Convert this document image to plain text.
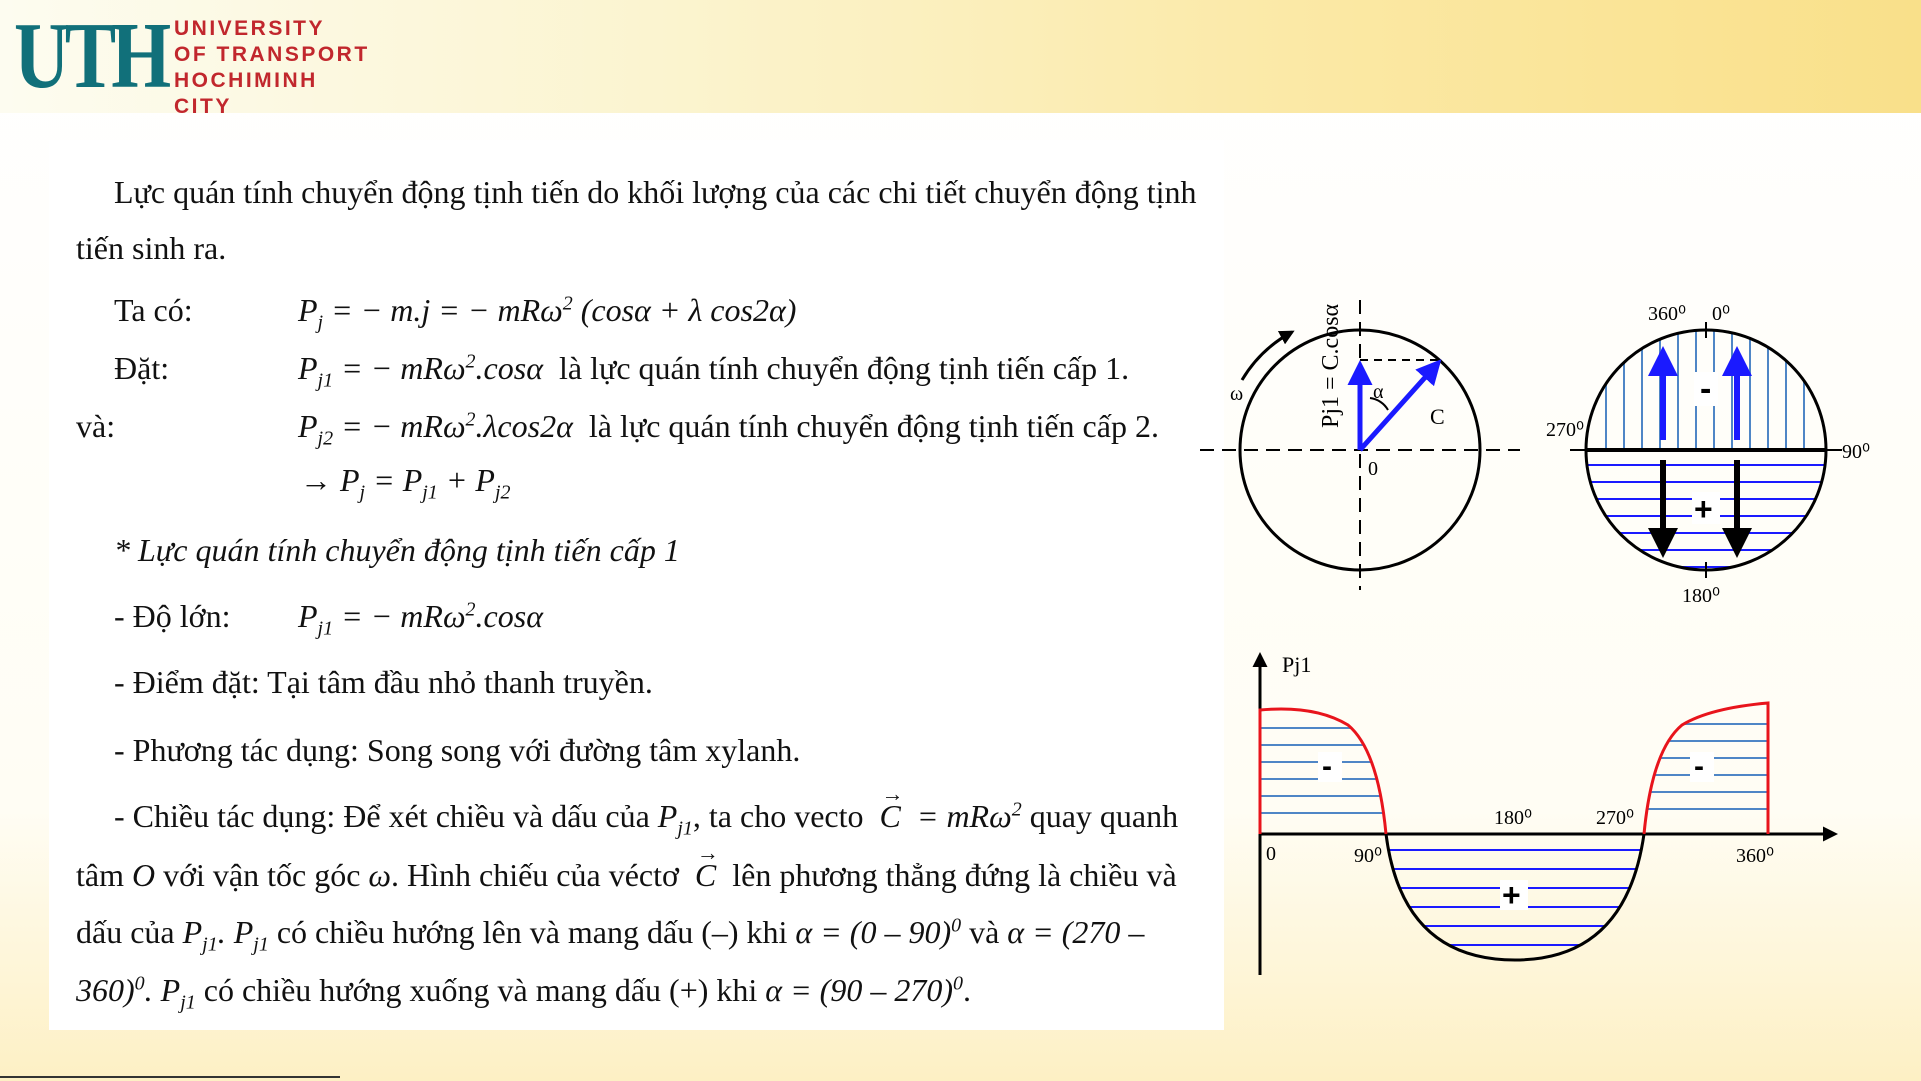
UTH UNIVERSITY
OF TRANSPORT
HOCHIMINH CITY
Lực quán tính chuyển động tịnh tiến do khối lượng của các chi tiết chuyển động tịnh
tiến sinh ra.
Ta có:	$P_j$ = − m.j = − mRω$^2$ (cosα + λ cos2α)
Đặt:	$P_{j1}$ = − mRω$^2$.cosα là lực quán tính chuyển động tịnh tiến cấp 1.
và:	$P_{j2}$ = − mRω$^2$.λcos2α là lực quán tính chuyển động tịnh tiến cấp 2.
→ $P_j = P_{j1} + P_{j2}$
* Lực quán tính chuyển động tịnh tiến cấp 1
- Độ lớn: $P_{j1}$ = − mRω$^2$.cosα
- Điểm đặt: Tại tâm đầu nhỏ thanh truyền.
- Phương tác dụng: Song song với đường tâm xylanh.
- Chiều tác dụng: Để xét chiều và dấu của $P_{j1}$, ta cho vecto → C  = mRω$^2$ quay quanh
tâm O với vận tốc góc ω. Hình chiếu của véctơ → C lên phương thẳng đứng là chiều và
dấu của $P_{j1}$. $P_{j1}$ có chiều hướng lên và mang dấu (–) khi α = (0 – 90)$^0$ và α = (270 –
360)$^0$. $P_{j1}$ có chiều hướng xuống và mang dấu (+) khi α = (90 – 270)$^0$.
ω	α
C
0
Pj1 = C.cosα	-
+
360⁰ 0⁰
270⁰
90⁰
180⁰
-	-
+
Pj1
0	90⁰
180⁰	270⁰
360⁰
